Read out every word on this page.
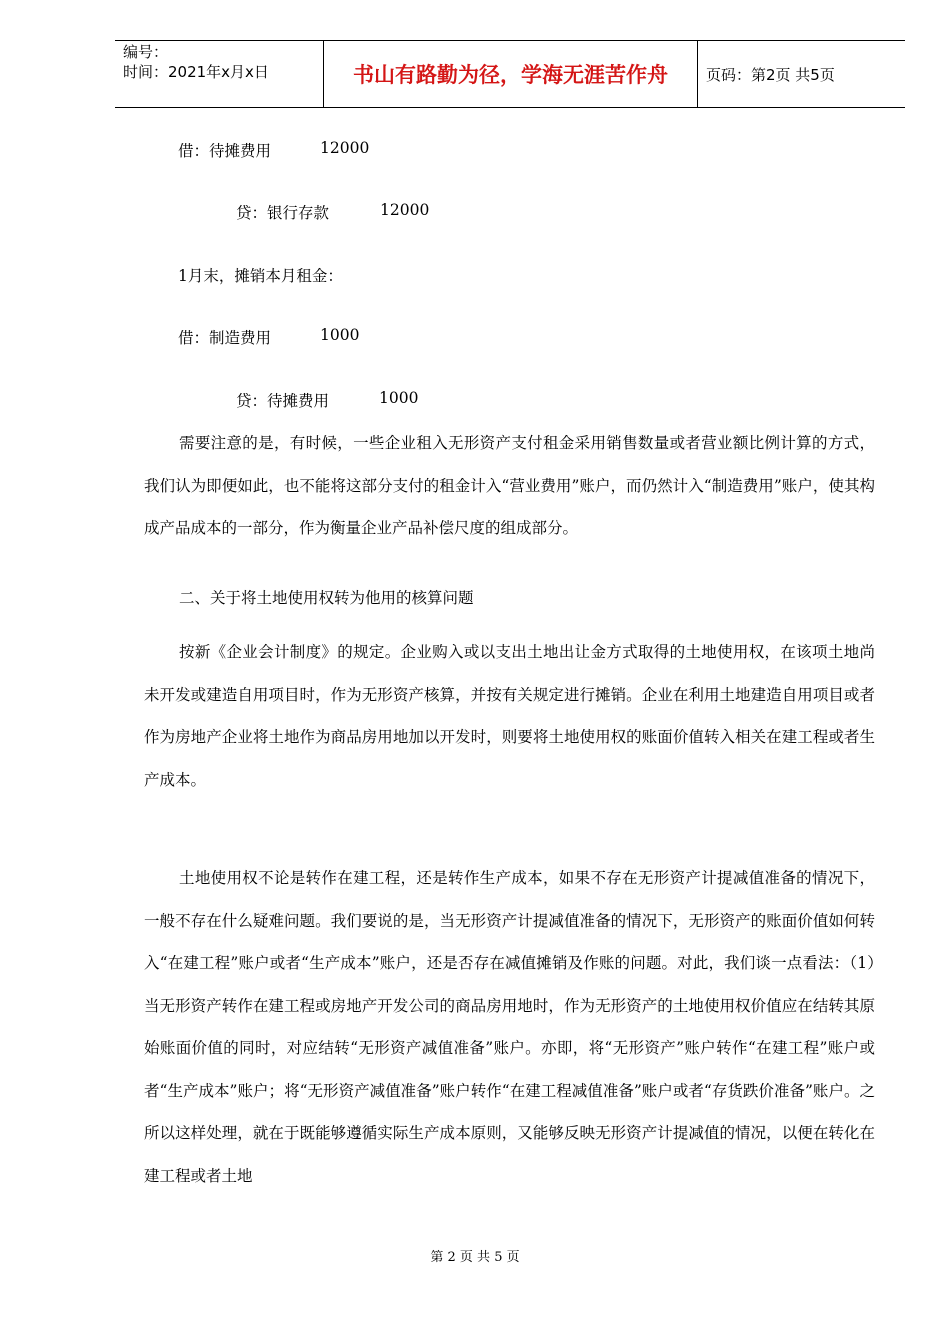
编号：
时间：2021年x月x日	书山有路勤为径，学海无涯苦作舟	页码：第2页 共5页
借：待摊费用	12000
贷：银行存款	12000
1月末，摊销本月租金：
借：制造费用	1000
贷：待摊费用	1000

需要注意的是，有时候，一些企业租入无形资产支付租金采用销售数量或者营业额比例计算的方式，我们认为即便如此，也不能将这部分支付的租金计入“营业费用”账户，而仍然计入“制造费用”账户，使其构成产品成本的一部分，作为衡量企业产品补偿尺度的组成部分。

二、关于将土地使用权转为他用的核算问题

按新《企业会计制度》的规定。企业购入或以支出土地出让金方式取得的土地使用权，在该项土地尚未开发或建造自用项目时，作为无形资产核算，并按有关规定进行摊销。企业在利用土地建造自用项目或者作为房地产企业将土地作为商品房用地加以开发时，则要将土地使用权的账面价值转入相关在建工程或者生产成本。

土地使用权不论是转作在建工程，还是转作生产成本，如果不存在无形资产计提减值准备的情况下，一般不存在什么疑难问题。我们要说的是，当无形资产计提减值准备的情况下，无形资产的账面价值如何转入“在建工程”账户或者“生产成本”账户，还是否存在减值摊销及作账的问题。对此，我们谈一点看法：（1）当无形资产转作在建工程或房地产开发公司的商品房用地时，作为无形资产的土地使用权价值应在结转其原始账面价值的同时，对应结转“无形资产减值准备”账户。亦即，将“无形资产”账户转作“在建工程”账户或者“生产成本”账户；将“无形资产减值准备”账户转作“在建工程减值准备”账户或者“存货跌价准备”账户。之所以这样处理，就在于既能够遵循实际生产成本原则，又能够反映无形资产计提减值的情况，以便在转化在建工程或者土地

第 2 页 共 5 页
